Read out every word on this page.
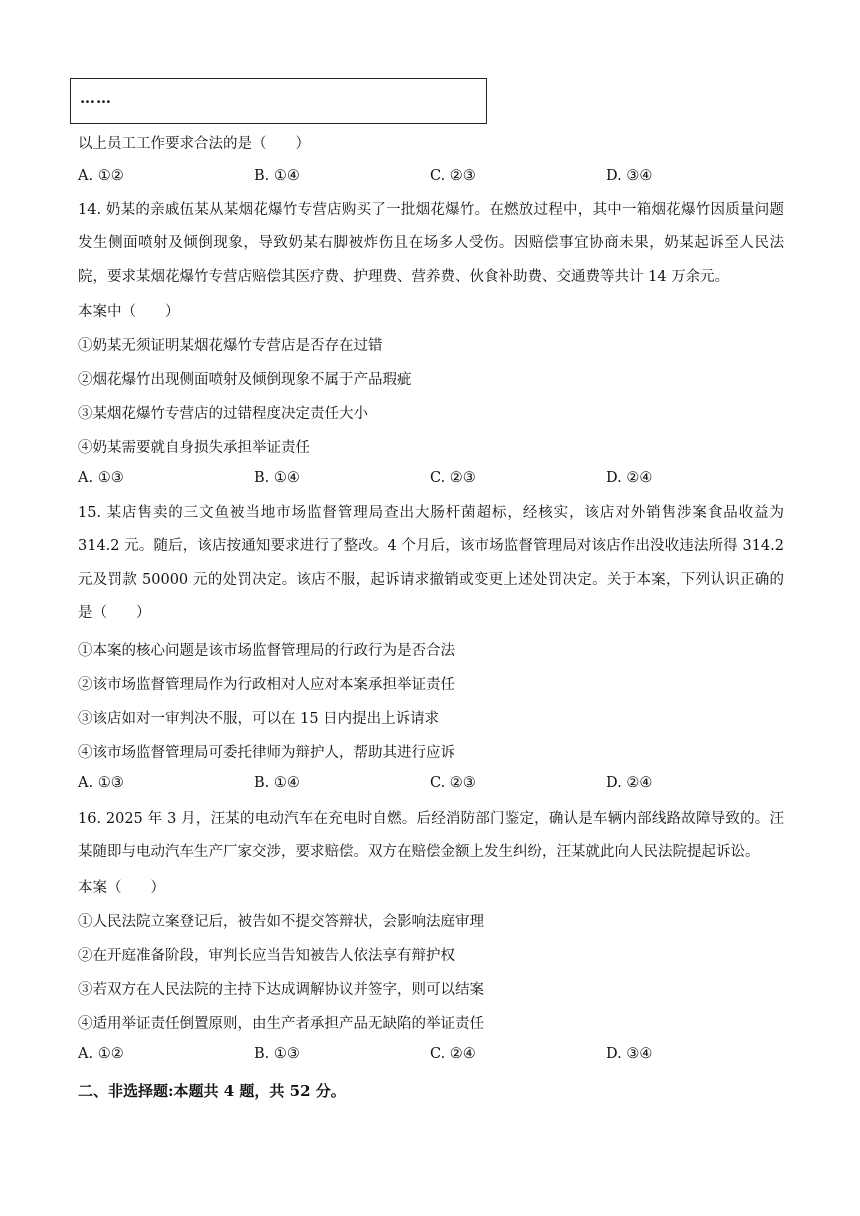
……
以上员工工作要求合法的是（　　）
A. ①②	B. ①④	C. ②③	D. ③④
14. 奶某的亲戚伍某从某烟花爆竹专营店购买了一批烟花爆竹。在燃放过程中，其中一箱烟花爆竹因质量问题发生侧面喷射及倾倒现象，导致奶某右脚被炸伤且在场多人受伤。因赔偿事宜协商未果，奶某起诉至人民法院，要求某烟花爆竹专营店赔偿其医疗费、护理费、营养费、伙食补助费、交通费等共计 14 万余元。
本案中（　　）
①奶某无须证明某烟花爆竹专营店是否存在过错
②烟花爆竹出现侧面喷射及倾倒现象不属于产品瑕疵
③某烟花爆竹专营店的过错程度决定责任大小
④奶某需要就自身损失承担举证责任
A. ①③	B. ①④	C. ②③	D. ②④
15. 某店售卖的三文鱼被当地市场监督管理局查出大肠杆菌超标，经核实，该店对外销售涉案食品收益为 314.2 元。随后，该店按通知要求进行了整改。4 个月后，该市场监督管理局对该店作出没收违法所得 314.2 元及罚款 50000 元的处罚决定。该店不服，起诉请求撤销或变更上述处罚决定。关于本案，下列认识正确的是（　　）
①本案的核心问题是该市场监督管理局的行政行为是否合法
②该市场监督管理局作为行政相对人应对本案承担举证责任
③该店如对一审判决不服，可以在 15 日内提出上诉请求
④该市场监督管理局可委托律师为辩护人，帮助其进行应诉
A. ①③	B. ①④	C. ②③	D. ②④
16. 2025 年 3 月，汪某的电动汽车在充电时自燃。后经消防部门鉴定，确认是车辆内部线路故障导致的。汪某随即与电动汽车生产厂家交涉，要求赔偿。双方在赔偿金额上发生纠纷，汪某就此向人民法院提起诉讼。
本案（　　）
①人民法院立案登记后，被告如不提交答辩状，会影响法庭审理
②在开庭准备阶段，审判长应当告知被告人依法享有辩护权
③若双方在人民法院的主持下达成调解协议并签字，则可以结案
④适用举证责任倒置原则，由生产者承担产品无缺陷的举证责任
A. ①②	B. ①③	C. ②④	D. ③④
二、非选择题:本题共 4 题，共 52 分。
